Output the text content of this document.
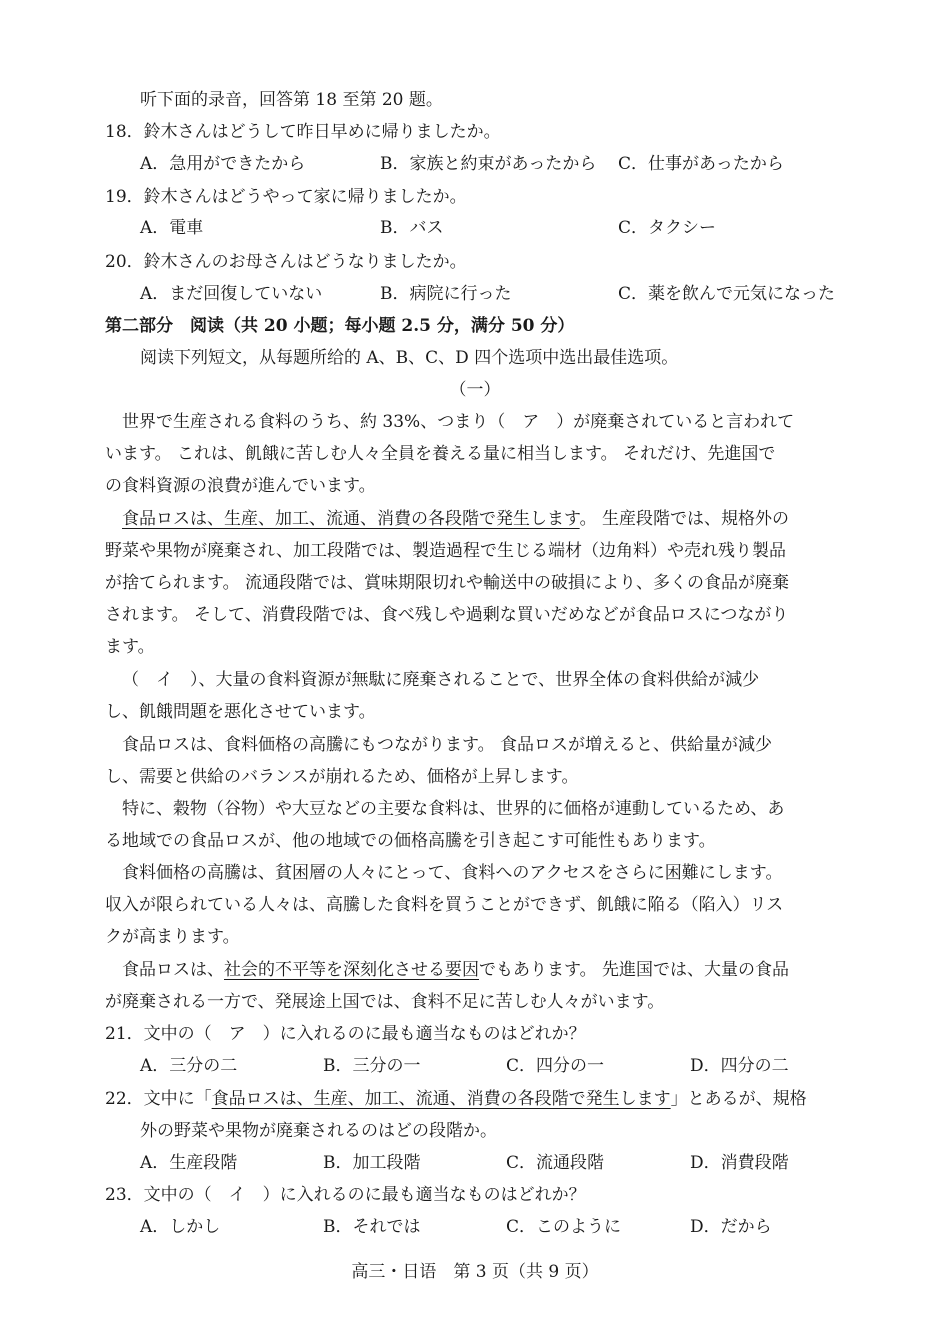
听下面的录音，回答第 18 至第 20 题。
18．鈴木さんはどうして昨日早めに帰りましたか。
A．急用ができたから	B．家族と約束があったから C．仕事があったから
19．鈴木さんはどうやって家に帰りましたか。
A．電車	B．バス	C．タクシー
20．鈴木さんのお母さんはどうなりましたか。
A．まだ回復していない	B．病院に行った	C．薬を飲んで元気になった
第二部分　阅读（共 20 小题；每小题 2.5 分，满分 50 分）
阅读下列短文，从每题所给的 A、B、C、D 四个选项中选出最佳选项。
（一）
世界で生産される食料のうち、約 33%、つまり（　ア　）が廃棄されていると言われて
います。 これは、飢餓に苦しむ人々全員を養える量に相当します。 それだけ、先進国で
の食料資源の浪費が進んでいます。
食品ロスは、生産、加工、流通、消費の各段階で発生します。 生産段階では、規格外の
野菜や果物が廃棄され、加工段階では、製造過程で生じる端材（边角料）や売れ残り製品
が捨てられます。 流通段階では、賞味期限切れや輸送中の破損により、多くの食品が廃棄
されます。 そして、消費段階では、食べ残しや過剰な買いだめなどが食品ロスにつながり
ます。
（　イ　）、大量の食料資源が無駄に廃棄されることで、世界全体の食料供給が減少
し、飢餓問題を悪化させています。
食品ロスは、食料価格の高騰にもつながります。 食品ロスが増えると、供給量が減少
し、需要と供給のバランスが崩れるため、価格が上昇します。
特に、穀物（谷物）や大豆などの主要な食料は、世界的に価格が連動しているため、あ
る地域での食品ロスが、他の地域での価格高騰を引き起こす可能性もあります。
食料価格の高騰は、貧困層の人々にとって、食料へのアクセスをさらに困難にします。
収入が限られている人々は、高騰した食料を買うことができず、飢餓に陥る（陷入）リス
クが高まります。
食品ロスは、社会的不平等を深刻化させる要因でもあります。 先進国では、大量の食品
が廃棄される一方で、発展途上国では、食料不足に苦しむ人々がいます。
21．文中の（　ア　）に入れるのに最も適当なものはどれか？
A．三分の二	B．三分の一	C．四分の一	D．四分の二
22．文中に「食品ロスは、生産、加工、流通、消費の各段階で発生します」とあるが、規格
外の野菜や果物が廃棄されるのはどの段階か。
A．生産段階	B．加工段階	C．流通段階	D．消費段階
23．文中の（　イ　）に入れるのに最も適当なものはどれか？
A．しかし	B．それでは	C．このように	D．だから
高三・日语　第 3 页（共 9 页）
